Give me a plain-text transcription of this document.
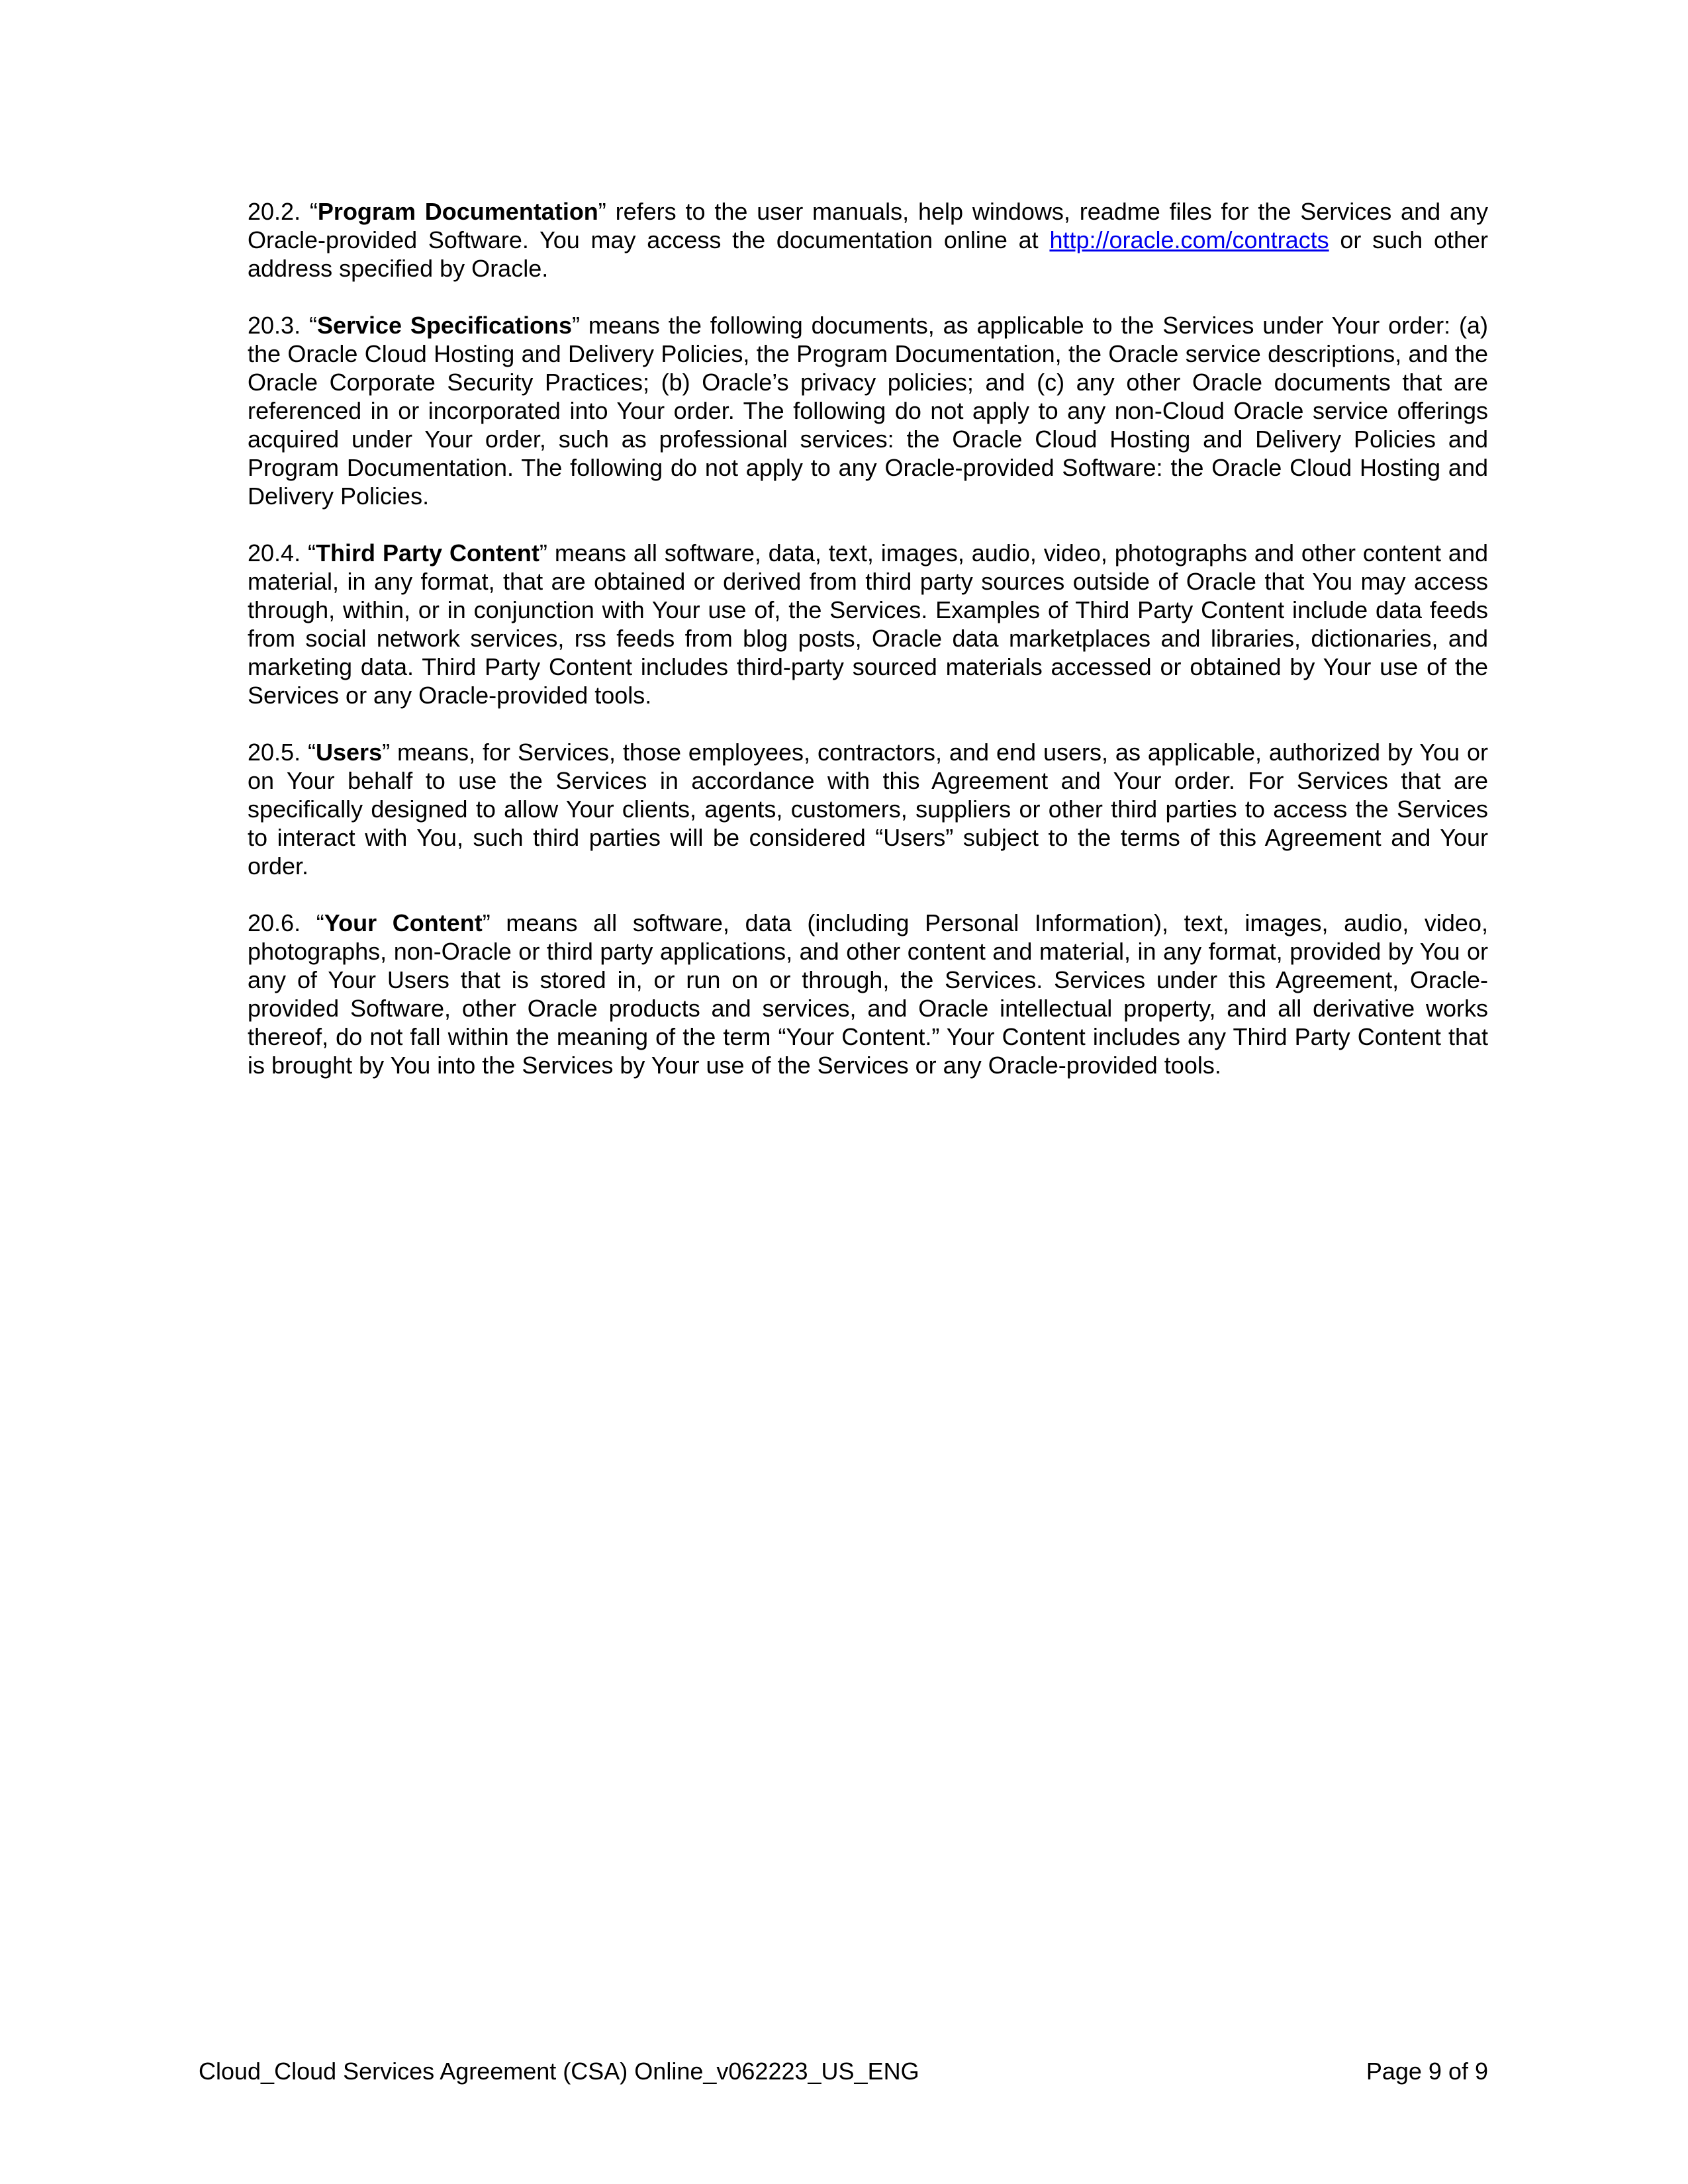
20.2. “Program Documentation” refers to the user manuals, help windows, readme files for the Services and any Oracle-provided Software. You may access the documentation online at http://oracle.com/contracts or such other address specified by Oracle.

20.3. “Service Specifications” means the following documents, as applicable to the Services under Your order: (a) the Oracle Cloud Hosting and Delivery Policies, the Program Documentation, the Oracle service descriptions, and the Oracle Corporate Security Practices; (b) Oracle’s privacy policies; and (c) any other Oracle documents that are referenced in or incorporated into Your order. The following do not apply to any non-Cloud Oracle service offerings acquired under Your order, such as professional services: the Oracle Cloud Hosting and Delivery Policies and Program Documentation. The following do not apply to any Oracle-provided Software: the Oracle Cloud Hosting and Delivery Policies.

20.4. “Third Party Content” means all software, data, text, images, audio, video, photographs and other content and material, in any format, that are obtained or derived from third party sources outside of Oracle that You may access through, within, or in conjunction with Your use of, the Services. Examples of Third Party Content include data feeds from social network services, rss feeds from blog posts, Oracle data marketplaces and libraries, dictionaries, and marketing data. Third Party Content includes third-party sourced materials accessed or obtained by Your use of the Services or any Oracle-provided tools.

20.5. “Users” means, for Services, those employees, contractors, and end users, as applicable, authorized by You or on Your behalf to use the Services in accordance with this Agreement and Your order. For Services that are specifically designed to allow Your clients, agents, customers, suppliers or other third parties to access the Services to interact with You, such third parties will be considered “Users” subject to the terms of this Agreement and Your order.

20.6. “Your Content” means all software, data (including Personal Information), text, images, audio, video, photographs, non-Oracle or third party applications, and other content and material, in any format, provided by You or any of Your Users that is stored in, or run on or through, the Services. Services under this Agreement, Oracle-provided Software, other Oracle products and services, and Oracle intellectual property, and all derivative works thereof, do not fall within the meaning of the term “Your Content.” Your Content includes any Third Party Content that is brought by You into the Services by Your use of the Services or any Oracle-provided tools.

Cloud_Cloud Services Agreement (CSA) Online_v062223_US_ENG	Page 9 of 9
